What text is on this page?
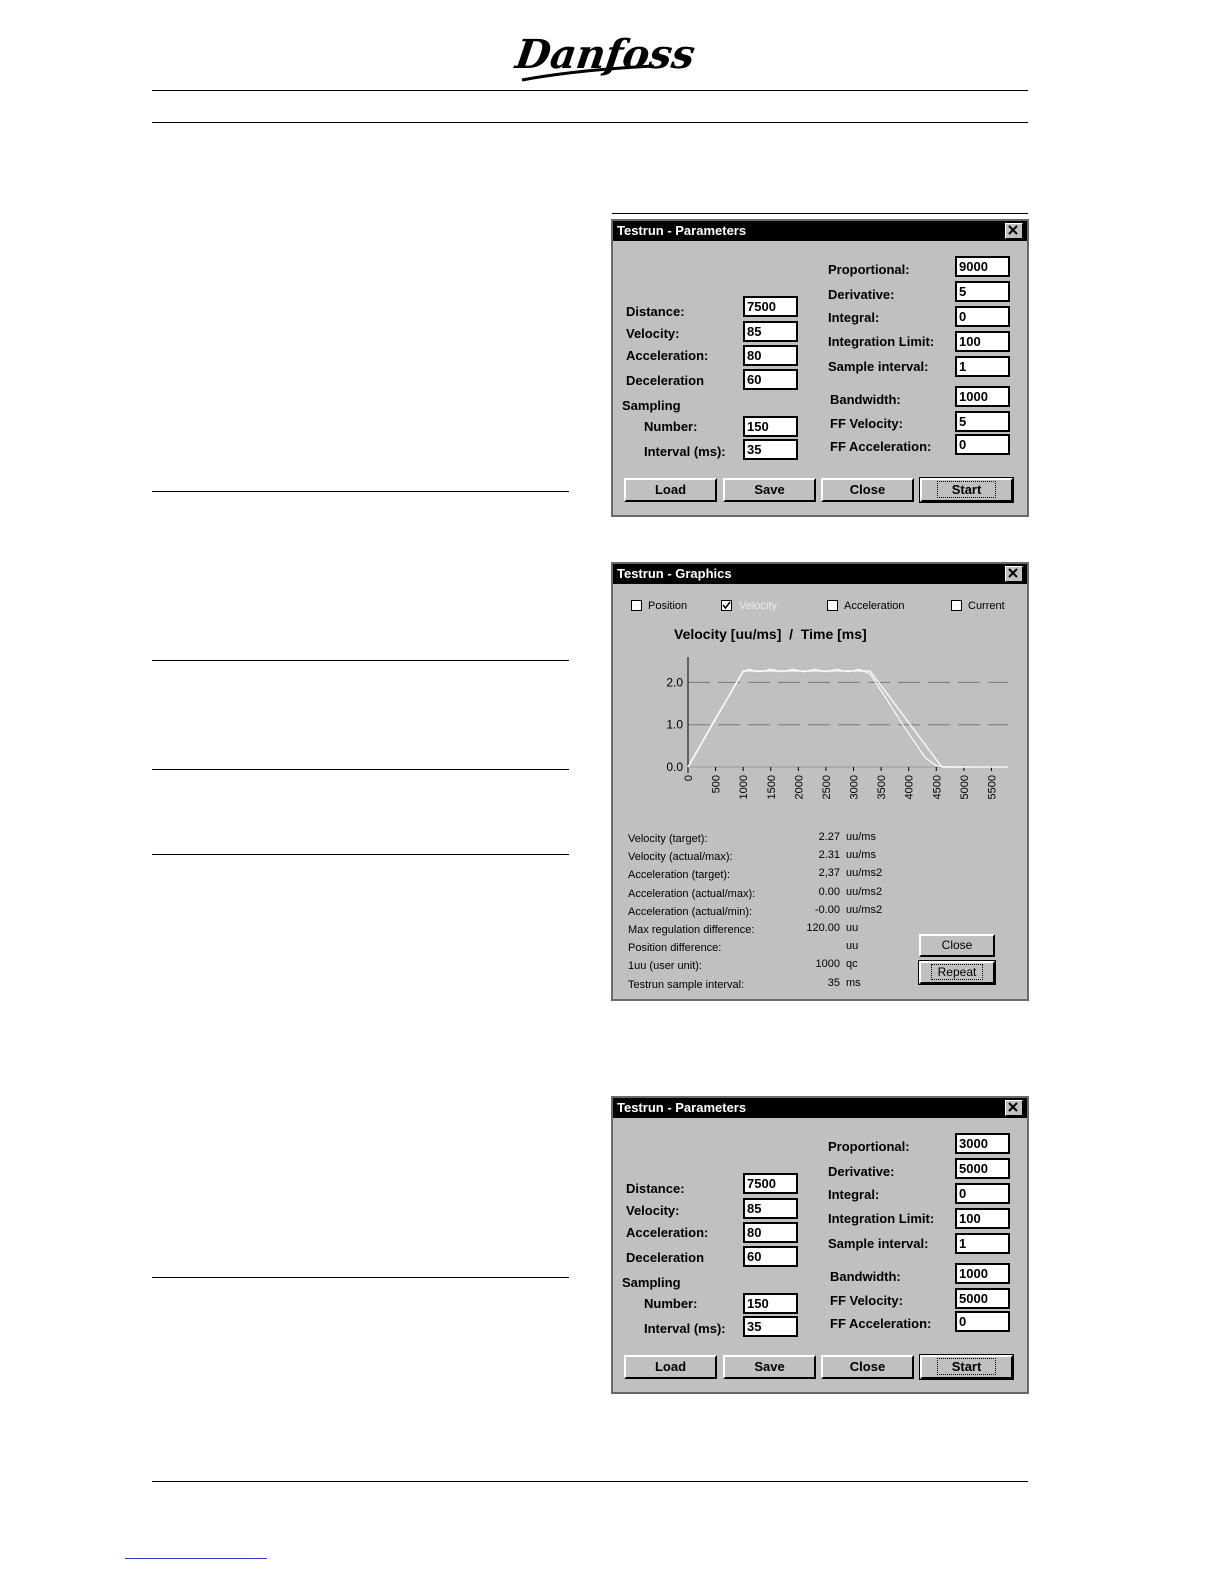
Danfoss
Testrun - Parameters
Distance:	7500
Velocity:	85
Acceleration:	80
Deceleration	60
Sampling
Number:	150
Interval (ms):	35
Proportional:	9000
Derivative:	5
Integral:	0
Integration Limit:	100
Sample interval:	1
Bandwidth:	1000
FF Velocity:	5
FF Acceleration:	0
Load	Save	Close	Start
Testrun - Graphics
Position	Velocity	Acceleration	Current
Velocity [uu/ms]  /  Time [ms]
0.0
1.0
2.0
0 500 1000 1500 2000 2500 3000 3500 4000 4500 5000 5500
Velocity (target):	2.27 uu/ms
Velocity (actual/max):	2.31 uu/ms
Acceleration (target):	2,37 uu/ms2
Acceleration (actual/max):	0.00 uu/ms2
Acceleration (actual/min):	-0.00 uu/ms2
Max regulation difference:	120.00 uu
Position difference:	uu
1uu (user unit):	1000 qc
Testrun sample interval:	35 ms
Close
Repeat
Testrun - Parameters
Distance:	7500
Velocity:	85
Acceleration:	80
Deceleration	60
Sampling
Number:	150
Interval (ms):	35
Proportional:	3000
Derivative:	5000
Integral:	0
Integration Limit:	100
Sample interval:	1
Bandwidth:	1000
FF Velocity:	5000
FF Acceleration:	0
Load	Save	Close	Start
